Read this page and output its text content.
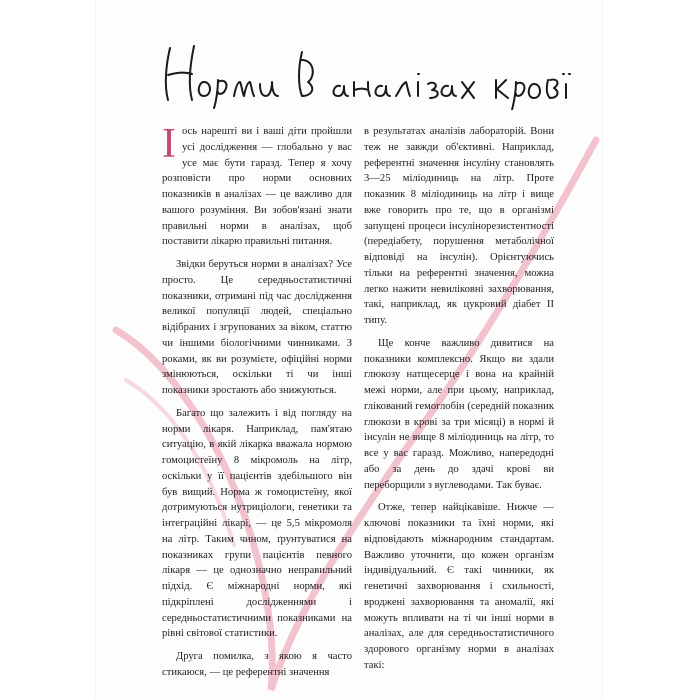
Іось нарешті ви і ваші діти пройшли усі дослідження — глобально у вас усе має бути гаразд. Тепер я хочу розповісти про норми основних показників в аналізах — це важливо для вашого розуміння. Ви зобов'язані знати правильні норми в аналізах, щоб поставити лікарю правильні питання.

Звідки беруться норми в аналізах? Усе просто. Це середньостатистичні показники, отримані під час дослідження великої популяції людей, спеціально відібраних і згрупованих за віком, статтю чи іншими біологічними чинниками. З роками, як ви розумієте, офіційні норми змінюються, оскільки ті чи інші показники зростають або знижуються.

Багато що залежить і від погляду на норми лікаря. Наприклад, пам'ятаю ситуацію, в якій лікарка вважала нормою гомоцистеїну 8 мікромоль на літр, оскільки у її пацієнтів здебільшого він був вищий. Норма ж гомоцистеїну, якої дотримуються нутриціологи, генетики та інтеграційні лікарі, — це 5,5 мікромоля на літр. Таким чином, ґрунтуватися на показниках групи пацієнтів певного лікаря — це однозначно неправильний підхід. Є міжнародні норми, які підкріплені дослідженнями і середньостатистичними показниками на рівні світової статистики.

Друга помилка, з якою я часто стикаюся, — це референтні значення

в результатах аналізів лабораторій. Вони теж не завжди об'єктивні. Наприклад, референтні значення інсуліну становлять 3—25 мілiодиниць на літр. Проте показник 8 мілiодиниць на літр і вище вже говорить про те, що в організмі запущені процеси інсулінорезистентності (передіабету, порушення метаболічної відповіді на інсулін). Орієнтуючись тільки на референтні значення, можна легко нажити невиліковні захворювання, такі, наприклад, як цукровий діабет II типу.

Ще конче важливо дивитися на показники комплексно. Якщо ви здали глюкозу натщесерце і вона на крайній межі норми, але при цьому, наприклад, глікований гемоглобін (середній показник глюкози в крові за три місяці) в нормі й інсулін не вище 8 мілiодиниць на літр, то все у вас гаразд. Можливо, напередодні або за день до здачі крові ви переборщили з вуглеводами. Так буває.

Отже, тепер найцікавіше. Нижче — ключові показники та їхні норми, які відповідають міжнародним стандартам. Важливо уточнити, що кожен організм індивідуальний. Є такі чинники, як генетичні захворювання і схильності, вроджені захворювання та аномалії, які можуть впливати на ті чи інші норми в аналізах, але для середньостатистичного здорового організму норми в аналізах такі:
